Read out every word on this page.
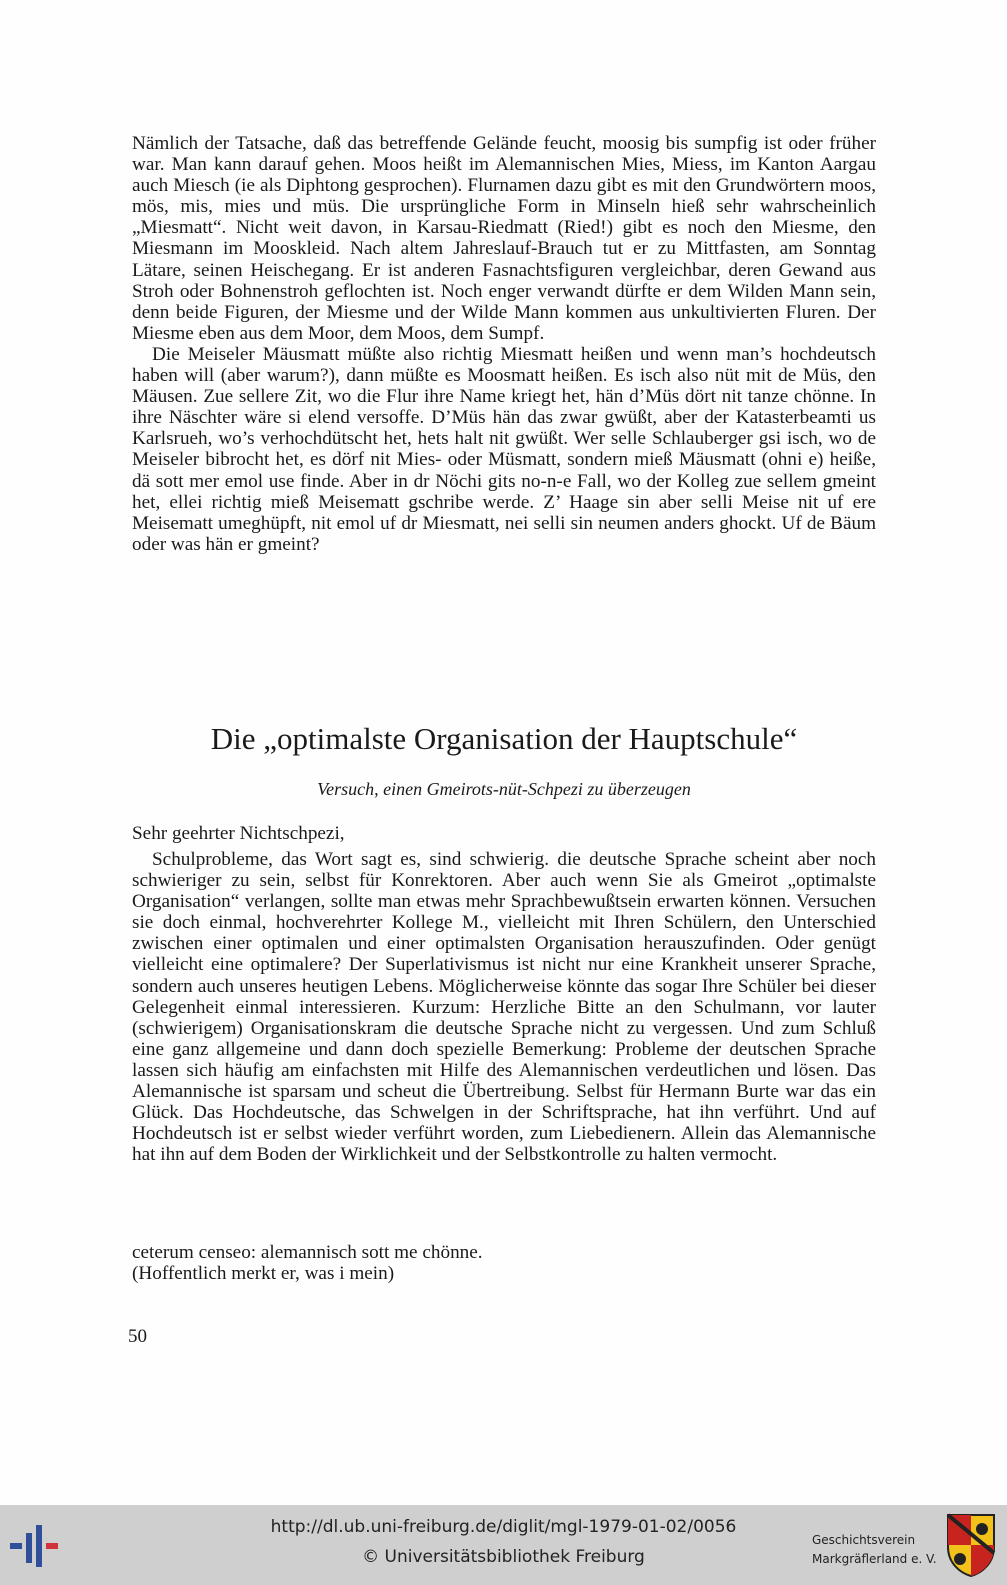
Nämlich der Tatsache, daß das betreffende Gelände feucht, moosig bis sumpfig ist oder früher war. Man kann darauf gehen. Moos heißt im Alemannischen Mies, Miess, im Kanton Aargau auch Miesch (ie als Diphtong gesprochen). Flurnamen dazu gibt es mit den Grundwörtern moos, mös, mis, mies und müs. Die ursprüngliche Form in Minseln hieß sehr wahrscheinlich „Miesmatt“. Nicht weit davon, in Karsau-Riedmatt (Ried!) gibt es noch den Miesme, den Miesmann im Mooskleid. Nach altem Jahreslauf-Brauch tut er zu Mittfasten, am Sonntag Lätare, seinen Heischegang. Er ist anderen Fasnachtsfiguren vergleichbar, deren Gewand aus Stroh oder Bohnenstroh geflochten ist. Noch enger verwandt dürfte er dem Wilden Mann sein, denn beide Figuren, der Miesme und der Wilde Mann kommen aus unkultivierten Fluren. Der Miesme eben aus dem Moor, dem Moos, dem Sumpf.

Die Meiseler Mäusmatt müßte also richtig Miesmatt heißen und wenn man’s hochdeutsch haben will (aber warum?), dann müßte es Moosmatt heißen. Es isch also nüt mit de Müs, den Mäusen. Zue sellere Zit, wo die Flur ihre Name kriegt het, hän d’Müs dört nit tanze chönne. In ihre Näschter wäre si elend versoffe. D’Müs hän das zwar gwüßt, aber der Katasterbeamti us Karlsrueh, wo’s verhochdütscht het, hets halt nit gwüßt. Wer selle Schlauberger gsi isch, wo de Meiseler bibrocht het, es dörf nit Mies- oder Müsmatt, sondern mieß Mäusmatt (ohni e) heiße, dä sott mer emol use finde. Aber in dr Nöchi gits no-n-e Fall, wo der Kolleg zue sellem gmeint het, ellei richtig mieß Meisematt gschribe werde. Z’ Haage sin aber selli Meise nit uf ere Meisematt umeghüpft, nit emol uf dr Miesmatt, nei selli sin neumen anders ghockt. Uf de Bäum oder was hän er gmeint?

Die „optimalste Organisation der Hauptschule“

Versuch, einen Gmeirots-nüt-Schpezi zu überzeugen

Sehr geehrter Nichtschpezi,

Schulprobleme, das Wort sagt es, sind schwierig. die deutsche Sprache scheint aber noch schwieriger zu sein, selbst für Konrektoren. Aber auch wenn Sie als Gmeirot „optimalste Organisation“ verlangen, sollte man etwas mehr Sprachbewußtsein erwarten können. Versuchen sie doch einmal, hochverehrter Kollege M., vielleicht mit Ihren Schülern, den Unterschied zwischen einer optimalen und einer optimalsten Organisation herauszufinden. Oder genügt vielleicht eine optimalere? Der Superlativismus ist nicht nur eine Krankheit unserer Sprache, sondern auch unseres heutigen Lebens. Möglicherweise könnte das sogar Ihre Schüler bei dieser Gelegenheit einmal interessieren. Kurzum: Herzliche Bitte an den Schulmann, vor lauter (schwierigem) Organisationskram die deutsche Sprache nicht zu vergessen. Und zum Schluß eine ganz allgemeine und dann doch spezielle Bemerkung: Probleme der deutschen Sprache lassen sich häufig am einfachsten mit Hilfe des Alemannischen verdeutlichen und lösen. Das Alemannische ist sparsam und scheut die Übertreibung. Selbst für Hermann Burte war das ein Glück. Das Hochdeutsche, das Schwelgen in der Schriftsprache, hat ihn verführt. Und auf Hochdeutsch ist er selbst wieder verführt worden, zum Liebedienern. Allein das Alemannische hat ihn auf dem Boden der Wirklichkeit und der Selbstkontrolle zu halten vermocht.

ceterum censeo: alemannisch sott me chönne.

(Hoffentlich merkt er, was i mein)

50

http://dl.ub.uni-freiburg.de/diglit/mgl-1979-01-02/0056

© Universitätsbibliothek Freiburg

Geschichtsverein

Markgräflerland e. V.
